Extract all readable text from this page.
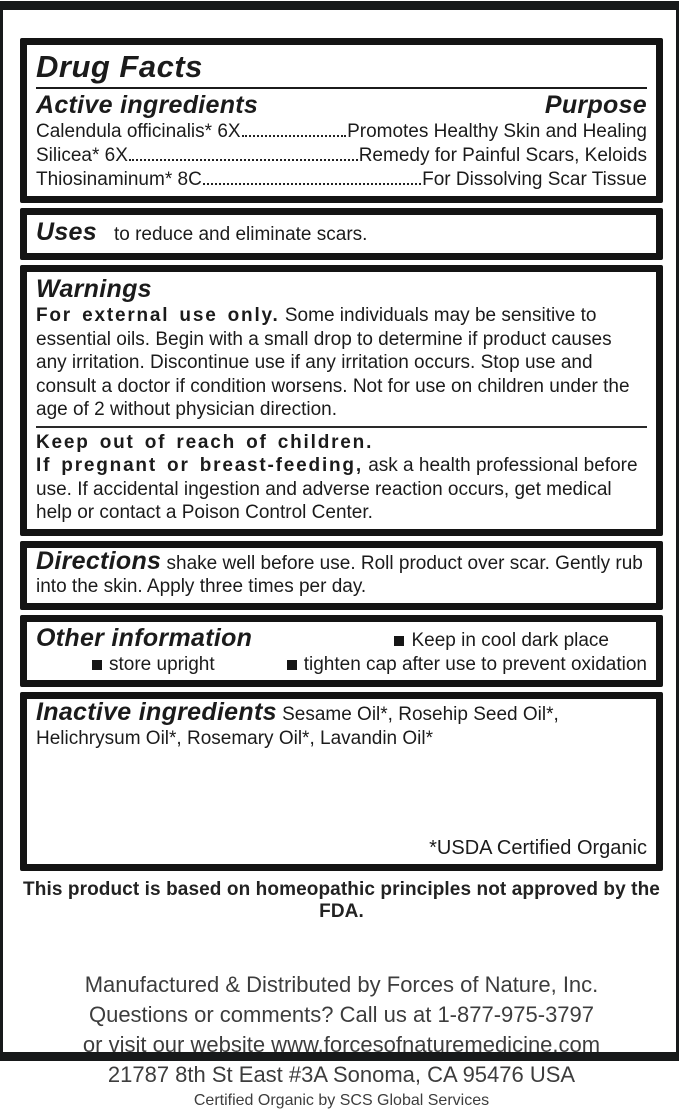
Drug Facts
Active ingredients	Purpose
Calendula officinalis* 6X	Promotes Healthy Skin and Healing
Silicea* 6X	Remedy for Painful Scars, Keloids
Thiosinaminum* 8C	For Dissolving Scar Tissue
Uses to reduce and eliminate scars.
Warnings

For external use only. Some individuals may be sensitive to essential oils. Begin with a small drop to determine if product causes any irritation. Discontinue use if any irritation occurs. Stop use and consult a doctor if condition worsens. Not for use on children under the age of 2 without physician direction.

Keep out of reach of children.

If pregnant or breast-feeding, ask a health professional before use. If accidental ingestion and adverse reaction occurs, get medical help or contact a Poison Control Center.

Directions shake well before use. Roll product over scar. Gently rub into the skin. Apply three times per day.

Other information	Keep in cool dark place
store upright	tighten cap after use to prevent oxidation

Inactive ingredients Sesame Oil*, Rosehip Seed Oil*, Helichrysum Oil*, Rosemary Oil*, Lavandin Oil*

*USDA Certified Organic
This product is based on homeopathic principles not approved by the FDA.
Manufactured & Distributed by Forces of Nature, Inc.
Questions or comments? Call us at 1-877-975-3797
or visit our website www.forcesofnaturemedicine.com
21787 8th St East #3A Sonoma, CA 95476 USA
Certified Organic by SCS Global Services
